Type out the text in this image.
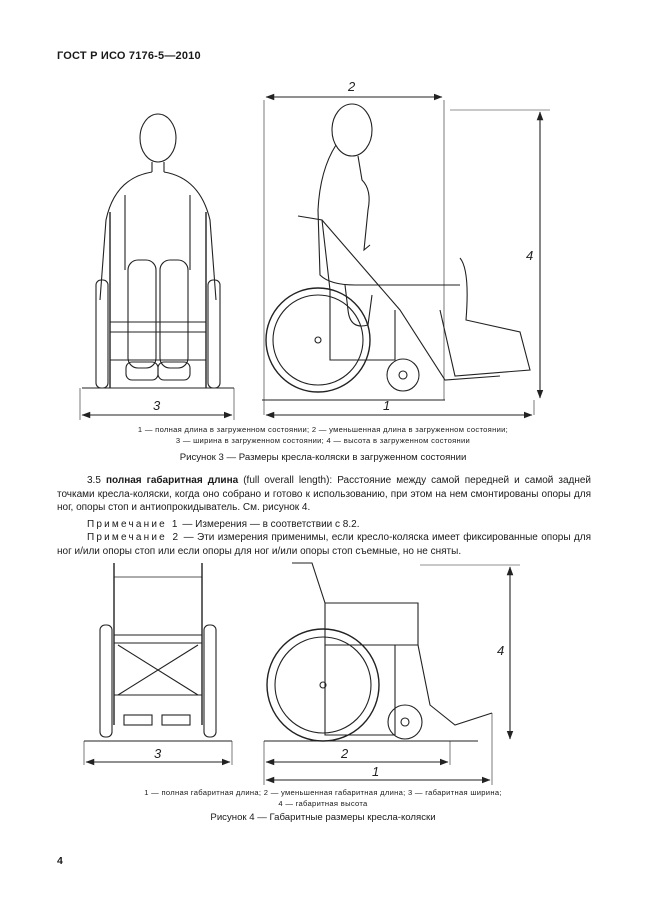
ГОСТ Р ИСО 7176-5—2010
2
4
3	1
1 — полная длина в загруженном состоянии; 2 — уменьшенная длина в загруженном состоянии;
3 — ширина в загруженном состоянии; 4 — высота в загруженном состоянии
Рисунок 3 — Размеры кресла-коляски в загруженном состоянии

3.5 полная габаритная длина (full overall length): Расстояние между самой передней и самой задней точками кресла-коляски, когда оно собрано и готово к использованию, при этом на нем смонтированы опоры для ног, опоры стоп и антиопрокидыватель. См. рисунок 4.

Примечание 1 — Измерения — в соответствии с 8.2.

Примечание 2 — Эти измерения применимы, если кресло-коляска имеет фиксированные опоры для ног и/или опоры стоп или если опоры для ног и/или опоры стоп съемные, но не сняты.

4
3	2
1
1 — полная габаритная длина; 2 — уменьшенная габаритная длина; 3 — габаритная ширина;
4 — габаритная высота
Рисунок 4 — Габаритные размеры кресла-коляски
4
